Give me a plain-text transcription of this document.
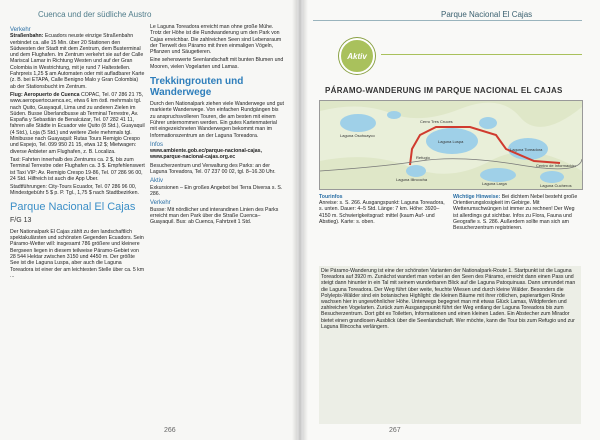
Cuenca und der südliche Austro
Verkehr

Straßenbahn: Ecuadors neuste einzige Straßenbahn verbindet ca. alle 15 Min. über 20 Stationen den Südwesten der Stadt mit dem Zentrum, dem Busterminal und dem Flughafen. Im Zentrum verkehrt sie auf der Calle Mariscal Lamar in Richtung Westen und auf der Gran Colombia in Westrichtung, mit je rund 7 Haltestellen. Fahrpreis 1,25 $ am Automaten oder mit aufladbarer Karte (z. B. bei ETAPA, Calle Benigno Malo y Gran Colombia) ab der Stationsbucht im Zentrum.

Flug: Aeropuerto de Cuenca COPAC, Tel. 07 286 21 75, www.aeropuertocuenca.ec, etwa 6 km östl. mehrmals tgl. nach Quito, Guayaquil, Lima und zu anderen Zielen im Süden. Busse Überlandbusse ab Terminal Terrestre, Av. España y Sebastián de Benalcázar, Tel. 07 282 41 11, fahren alle Städte in Ecuador wie Quito (8 Std.), Guayaquil (4 Std.), Loja (5 Std.) und weitere Ziele mehrmals tgl. Minibusse nach Guayaquil: Rutas Tours Remigio Crespo und Espejo, Tel. 099 950 21 15, etwa 12 $; Mietwagen: diverse Anbieter am Flughafen, z. B. Localiza.

Taxi: Fahrten innerhalb des Zentrums ca. 2 $, bis zum Terminal Terrestre oder Flughafen ca. 3 $. Empfehlenswert ist Taxi VIP: Av. Remigio Crespo 19-86, Tel. 07 286 96 00, 24 Std. Hilfreich ist auch die App Uber.

Stadtführungen: City-Tours Ecuador, Tel. 07 286 96 00, Mindestgebühr 5 $ p. P. Tgl., 1,75 $ nach Stadtbezirken.

Parque Nacional El Cajas
F/G 13

Der Nationalpark El Cajas zählt zu den landschaftlich spektakulärsten und schönsten Gegenden Ecuadors. Sein Páramo-Wetter will: insgesamt 786 größere und kleinere Bergseen liegen in diesem teilweise Páramo-Gebiet von 28 544 Hektar zwischen 3150 und 4450 m. Der größte See ist die Laguna Luspa, aber auch die Laguna Toreadora ist einer der am leichtesten Stelle über ca. 5 km ...

Le Laguna Toreadora erreicht man ohne große Mühe. Trotz der Höhe ist die Rundwanderung um den Park von Cajas erreichbar. Die zahlreichen Seen sind Lebensraum der Tierwelt des Páramo mit ihren einmaligen Vögeln, Pflanzen und Säugetieren.

Eine sehenswerte Seenlandschaft mit bunten Blumen und Mooren, vielen Vogelarten und Lamas.

Trekkingrouten und Wanderwege

Durch den Nationalpark ziehen viele Wanderwege und gut markierte Wanderwege. Von einfachen Rundgängen bis zu anspruchsvolleren Touren, die am besten mit einem Führer unternommen werden. Ein gutes Kartenmaterial mit eingezeichneten Wanderwegen bekommt man im Informationszentrum an der Laguna Toreadora.

Infos

www.ambiente.gob.ec/parque-nacional-cajas, www.parque-nacional-cajas.org.ec

Besucherzentrum und Verwaltung des Parks: an der Laguna Toreadora, Tel. 07 237 00 02, tgl. 8–16.30 Uhr.

Aktiv

Exkursionen – Ein großes Angebot bei Terra Diversa s. S. 286.

Verkehr

Busse: Mit nördlicher und interandinen Linien des Parks erreicht man den Park über die Straße Cuenca–Guayaquil. Bus: ab Cuenca, Fahrtzeit 1 Std.

266
Parque Nacional El Cajas
Aktiv
PÁRAMO-WANDERUNG IM PARQUE NACIONAL EL CAJAS
Laguna Osohuayco
Cerro Tres Cruces
Laguna Luspa
Laguna Toreadora
Refugio
Laguna Illincocha
Laguna Larga	Laguna Cucheros
Centro de Información
Tourinfos
Anreise: s. S. 266. Ausgangspunkt: Laguna Toreadora, s. unten. Dauer: 4–5 Std. Länge: 7 km. Höhe: 3920–4150 m. Schwierigkeitsgrad: mittel (kaum Auf- und Abstieg). Karte: s. oben.
Wichtige Hinweise: Bei dichtem Nebel besteht große Orientierungslosigkeit im Gebirge. Mit Wetterumschwüngen ist immer zu rechnen! Der Weg ist allerdings gut sichtbar. Infos zu Flora, Fauna und Geografie s. S. 286. Außerdem sollte man sich am Besucherzentrum registrieren.
Die Páramo-Wanderung ist eine der schönsten Varianten der Nationalpark-Route 1. Startpunkt ist die Laguna Toreadora auf 3920 m. Zunächst wandert man vorbei an den Seen des Páramo, erreicht dann einen Pass und steigt dann hinunter in ein Tal mit seinem wunderbaren Blick auf die Laguna Patoquinuas. Dann umrundet man die Laguna Toreadora. Der Weg führt über weite, feuchte Wiesen und durch kleine Wälder. Besonders die Polylepis-Wälder sind ein botanisches Highlight: die kleinen Bäume mit ihrer rötlichen, papierartigen Rinde wachsen hier in ungewöhnlicher Höhe. Unterwegs begegnet man mit etwas Glück Lamas, Wildpferden und zahlreichen Vogelarten. Zurück zum Ausgangspunkt führt der Weg entlang der Laguna Toreadora bis zum Besucherzentrum. Dort gibt es Toiletten, Informationen und einen kleinen Laden. Ein Abstecher zum Mirador bietet einen grandiosen Ausblick über die Seenlandschaft. Wer möchte, kann die Tour bis zum Refugio und zur Laguna Illincocha verlängern.
267
